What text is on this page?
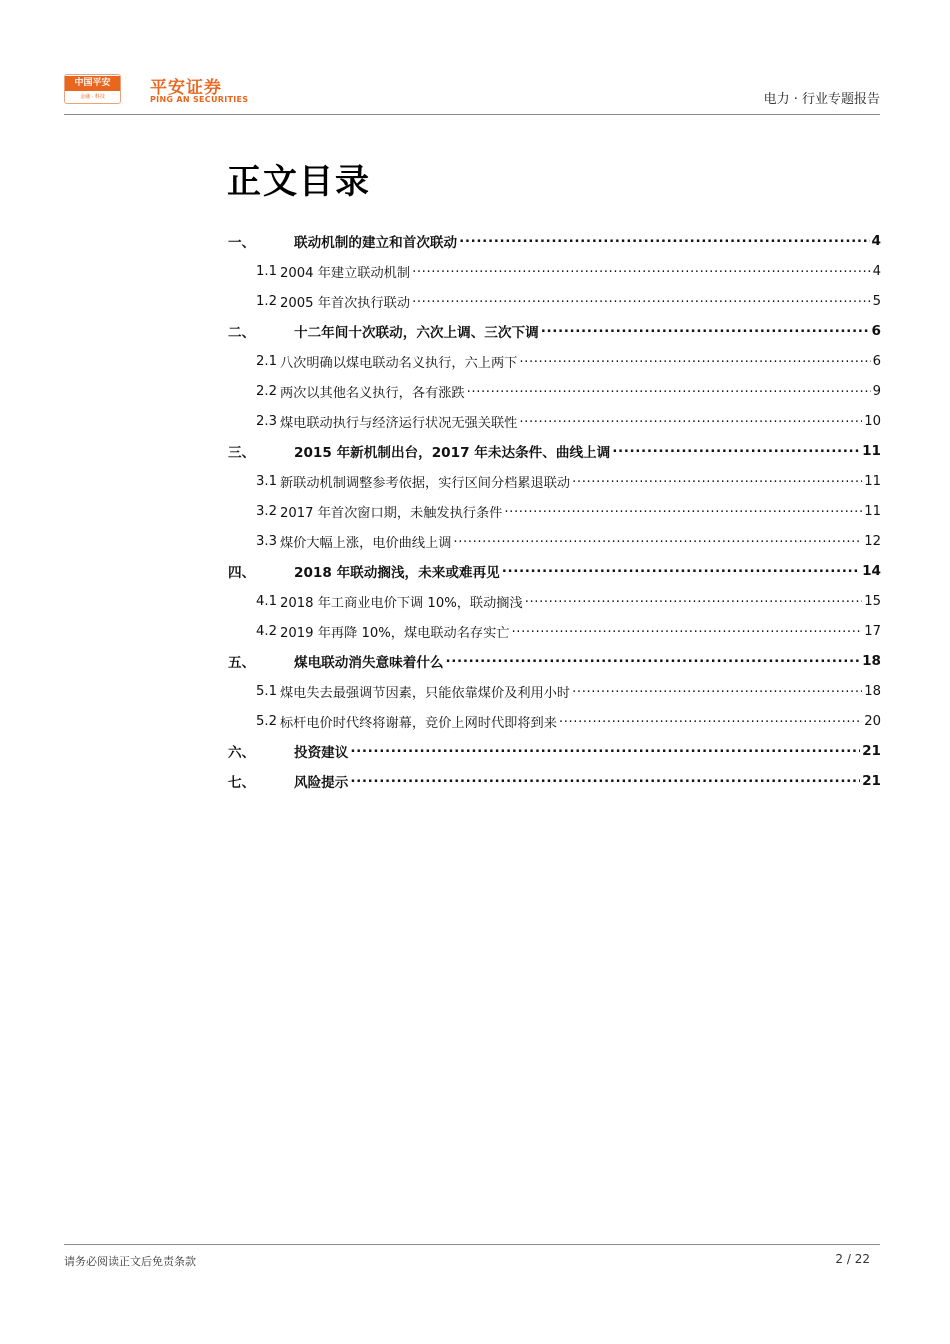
中国平安
金融 · 科技	平安证券
PING AN SECURITIES	电力 · 行业专题报告
正文目录
一、	联动机制的建立和首次联动 .....	4
1.1 2004 年建立联动机制 .....	4
1.2 2005 年首次执行联动 .....	5
二、	十二年间十次联动，六次上调、三次下调 .....	6
2.1 八次明确以煤电联动名义执行，六上两下 .....	6
2.2 两次以其他名义执行，各有涨跌 .....	9
2.3 煤电联动执行与经济运行状况无强关联性 .....	10
三、	2015 年新机制出台，2017 年未达条件、曲线上调 .....	11
3.1 新联动机制调整参考依据，实行区间分档累退联动 .....	11
3.2 2017 年首次窗口期，未触发执行条件 .....	11
3.3 煤价大幅上涨，电价曲线上调 .....	12
四、	2018 年联动搁浅，未来或难再见 .....	14
4.1 2018 年工商业电价下调 10%，联动搁浅 .....	15
4.2 2019 年再降 10%，煤电联动名存实亡 .....	17
五、	煤电联动消失意味着什么 .....	18
5.1 煤电失去最强调节因素，只能依靠煤价及利用小时 .....	18
5.2 标杆电价时代终将谢幕，竞价上网时代即将到来 .....	20
六、	投资建议 .....	21
七、	风险提示 .....	21
请务必阅读正文后免责条款	2 / 22
